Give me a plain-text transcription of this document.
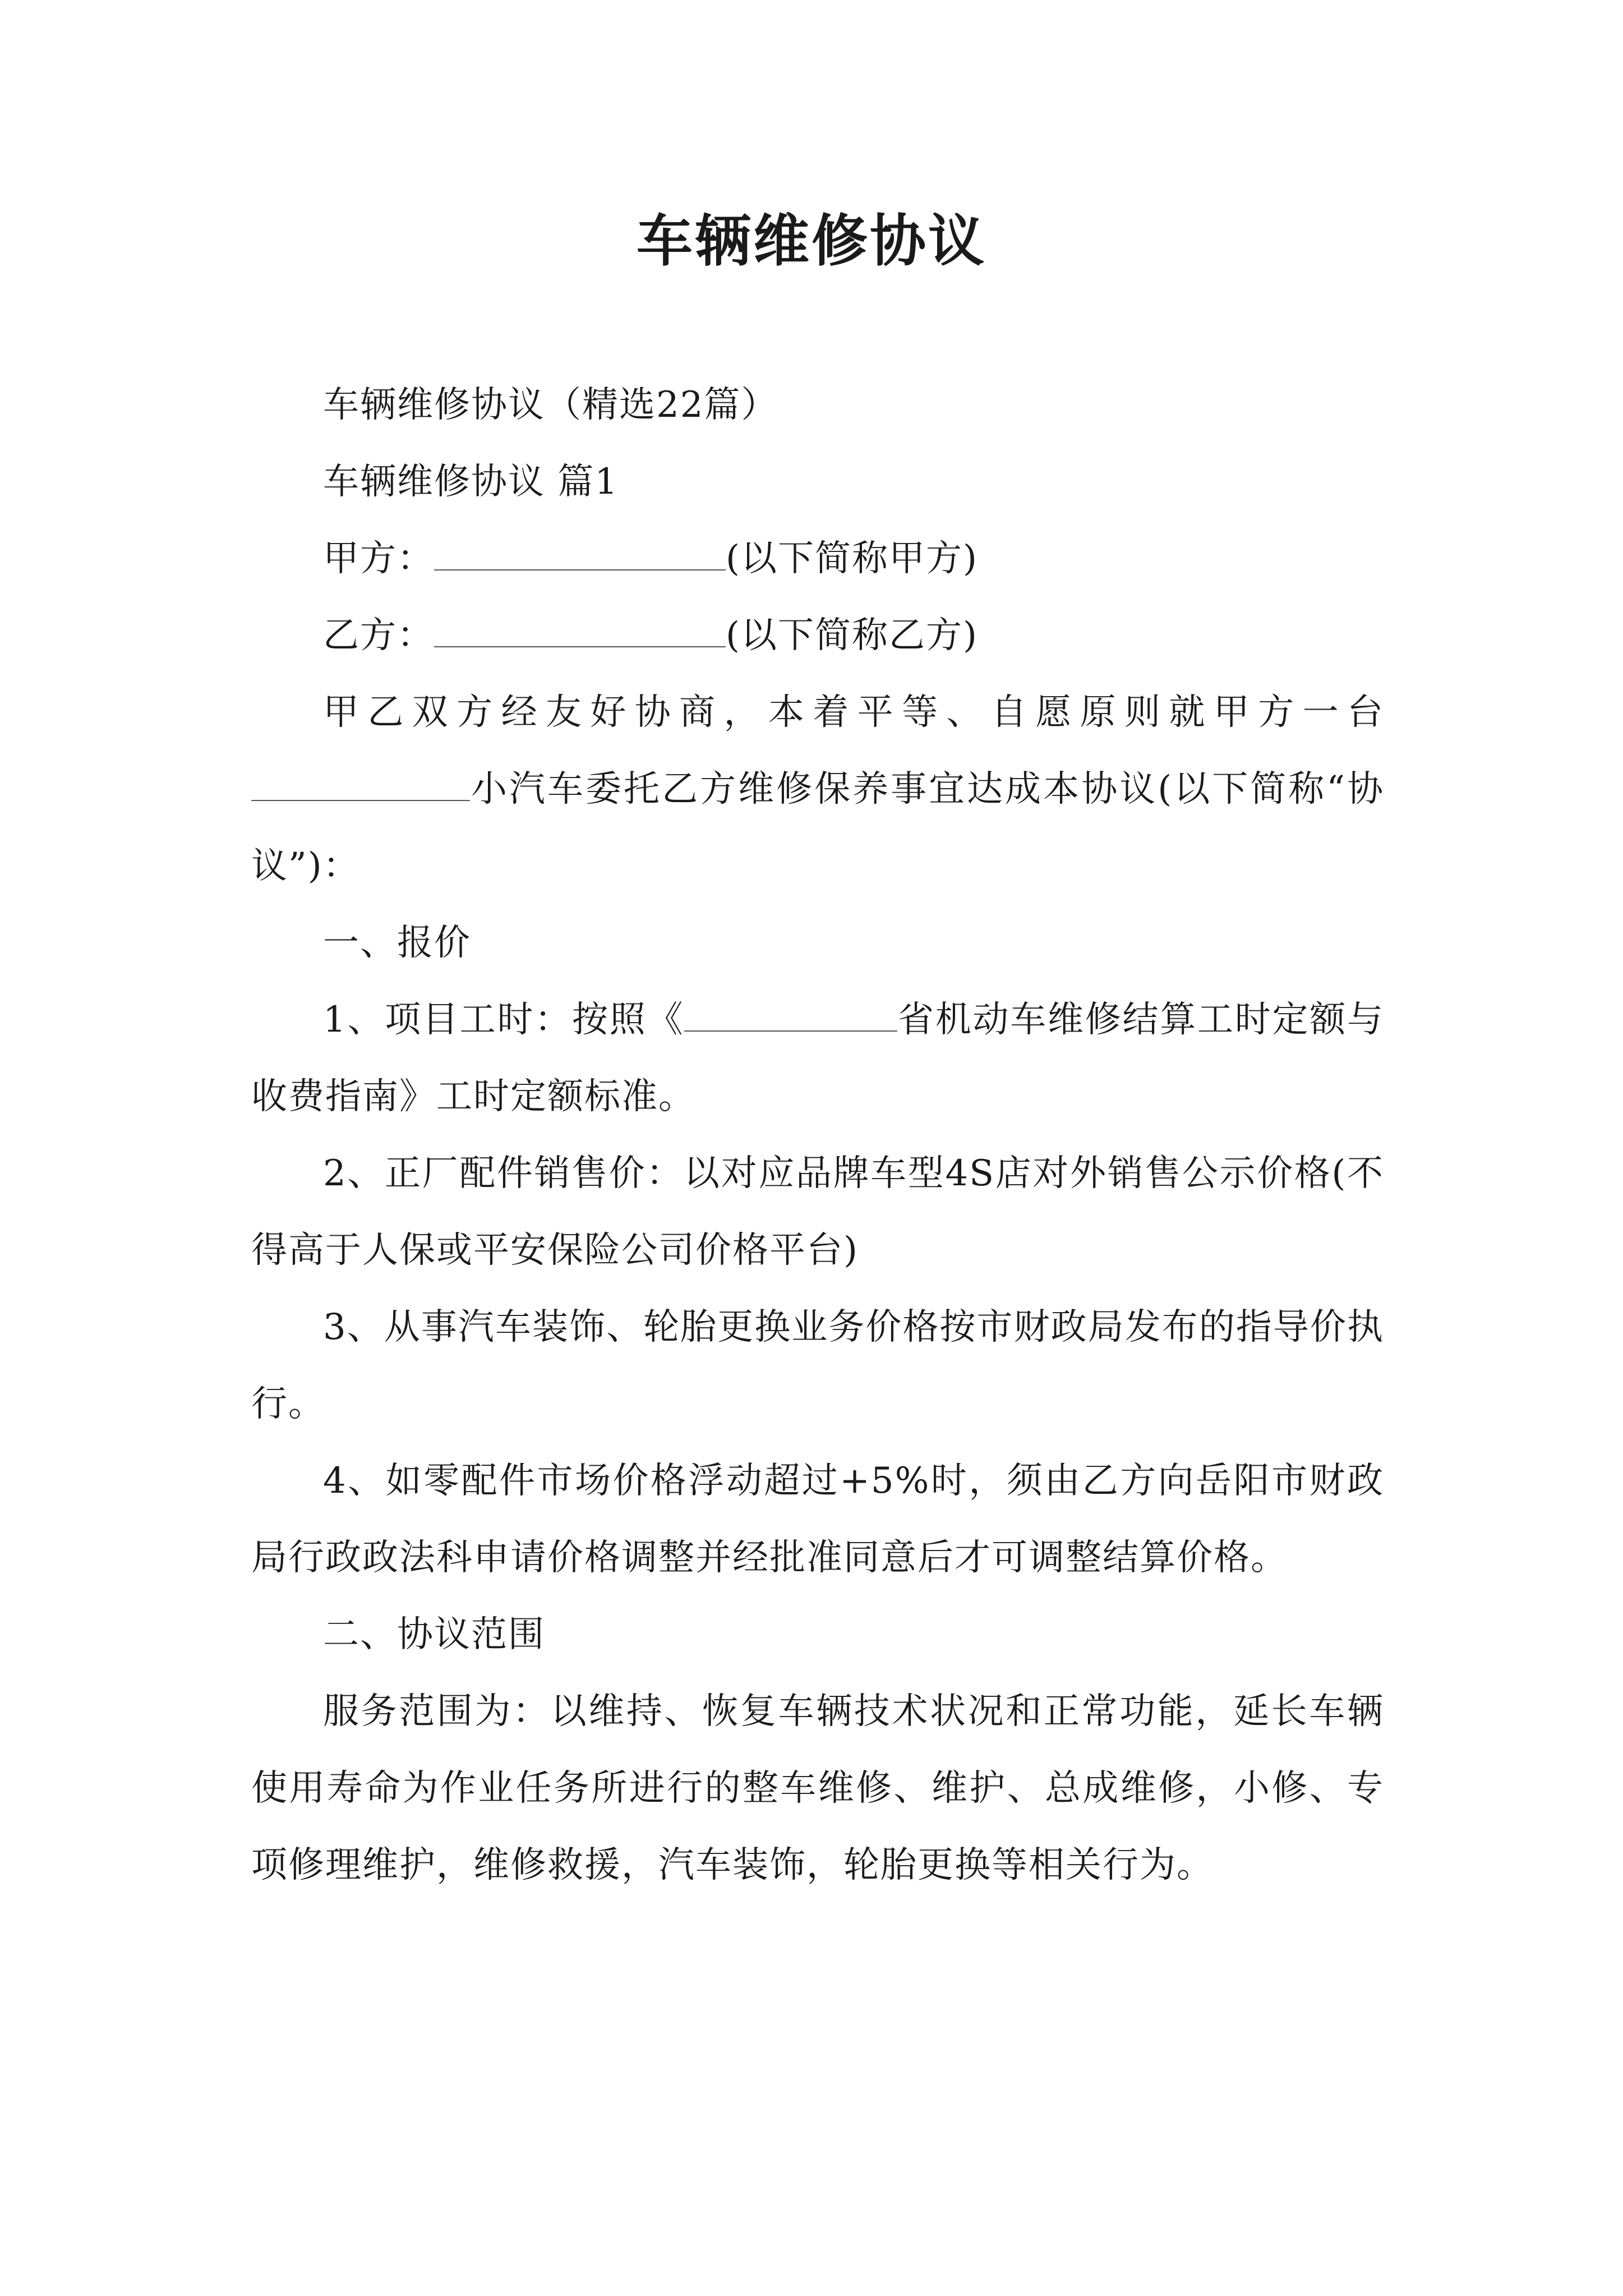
车辆维修协议

车辆维修协议（精选22篇）

车辆维修协议 篇1

甲方：	(以下简称甲方)

乙方：	(以下简称乙方)

甲乙双方经友好协商，本着平等、自愿原则就甲方一台小汽车委托乙方维修保养事宜达成本协议(以下简称“协议”)：

一、报价

1、项目工时：按照《	省机动车维修结算工时定额与收费指南》工时定额标准。

2、正厂配件销售价：以对应品牌车型4S店对外销售公示价格(不得高于人保或平安保险公司价格平台)

3、从事汽车装饰、轮胎更换业务价格按市财政局发布的指导价执行。

4、如零配件市场价格浮动超过+5%时，须由乙方向岳阳市财政局行政政法科申请价格调整并经批准同意后才可调整结算价格。

二、协议范围

服务范围为：以维持、恢复车辆技术状况和正常功能，延长车辆使用寿命为作业任务所进行的整车维修、维护、总成维修，小修、专项修理维护，维修救援，汽车装饰，轮胎更换等相关行为。
